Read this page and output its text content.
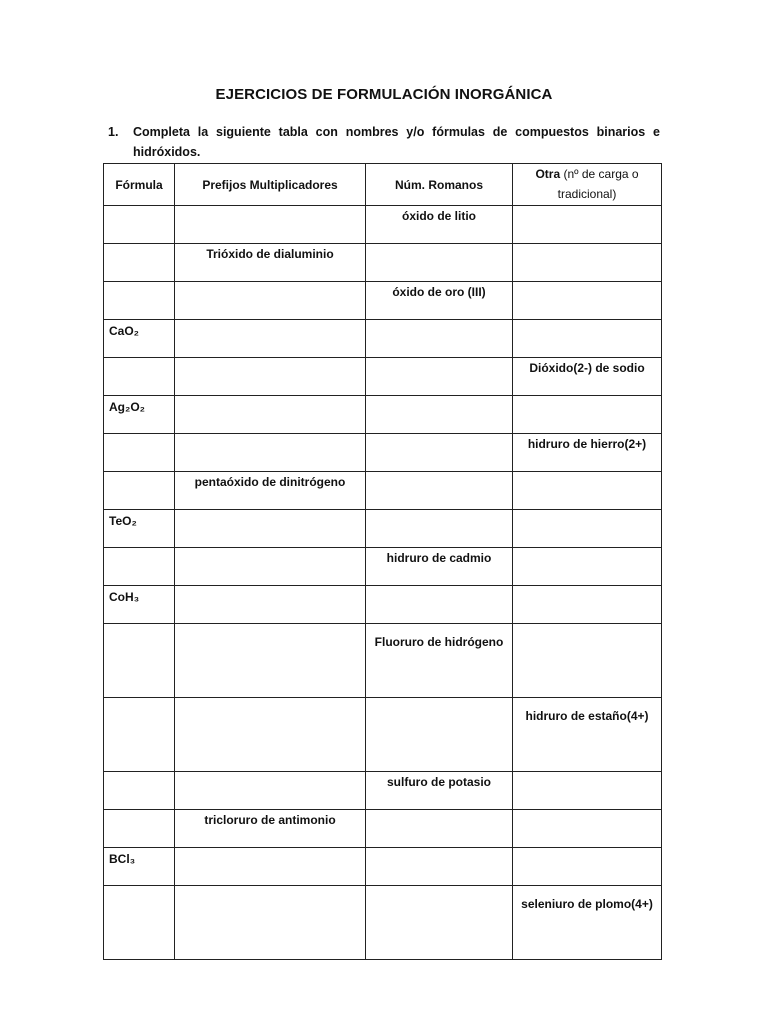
EJERCICIOS DE FORMULACIÓN INORGÁNICA
1. Completa la siguiente tabla con nombres y/o fórmulas de compuestos binarios e hidróxidos.
Fórmula	Prefijos Multiplicadores	Núm. Romanos	Otra (nº de carga o tradicional)
		óxido de litio	
	Trióxido de dialuminio		
		óxido de oro (III)	
CaO₂			
			Dióxido(2-) de sodio
Ag₂O₂			
			hidruro de hierro(2+)
	pentaóxido de dinitrógeno		
TeO₂			
		hidruro de cadmio	
CoH₃			
		Fluoruro de hidrógeno	
			hidruro de estaño(4+)
		sulfuro de potasio	
	tricloruro de antimonio		
BCl₃			
			seleniuro de plomo(4+)
